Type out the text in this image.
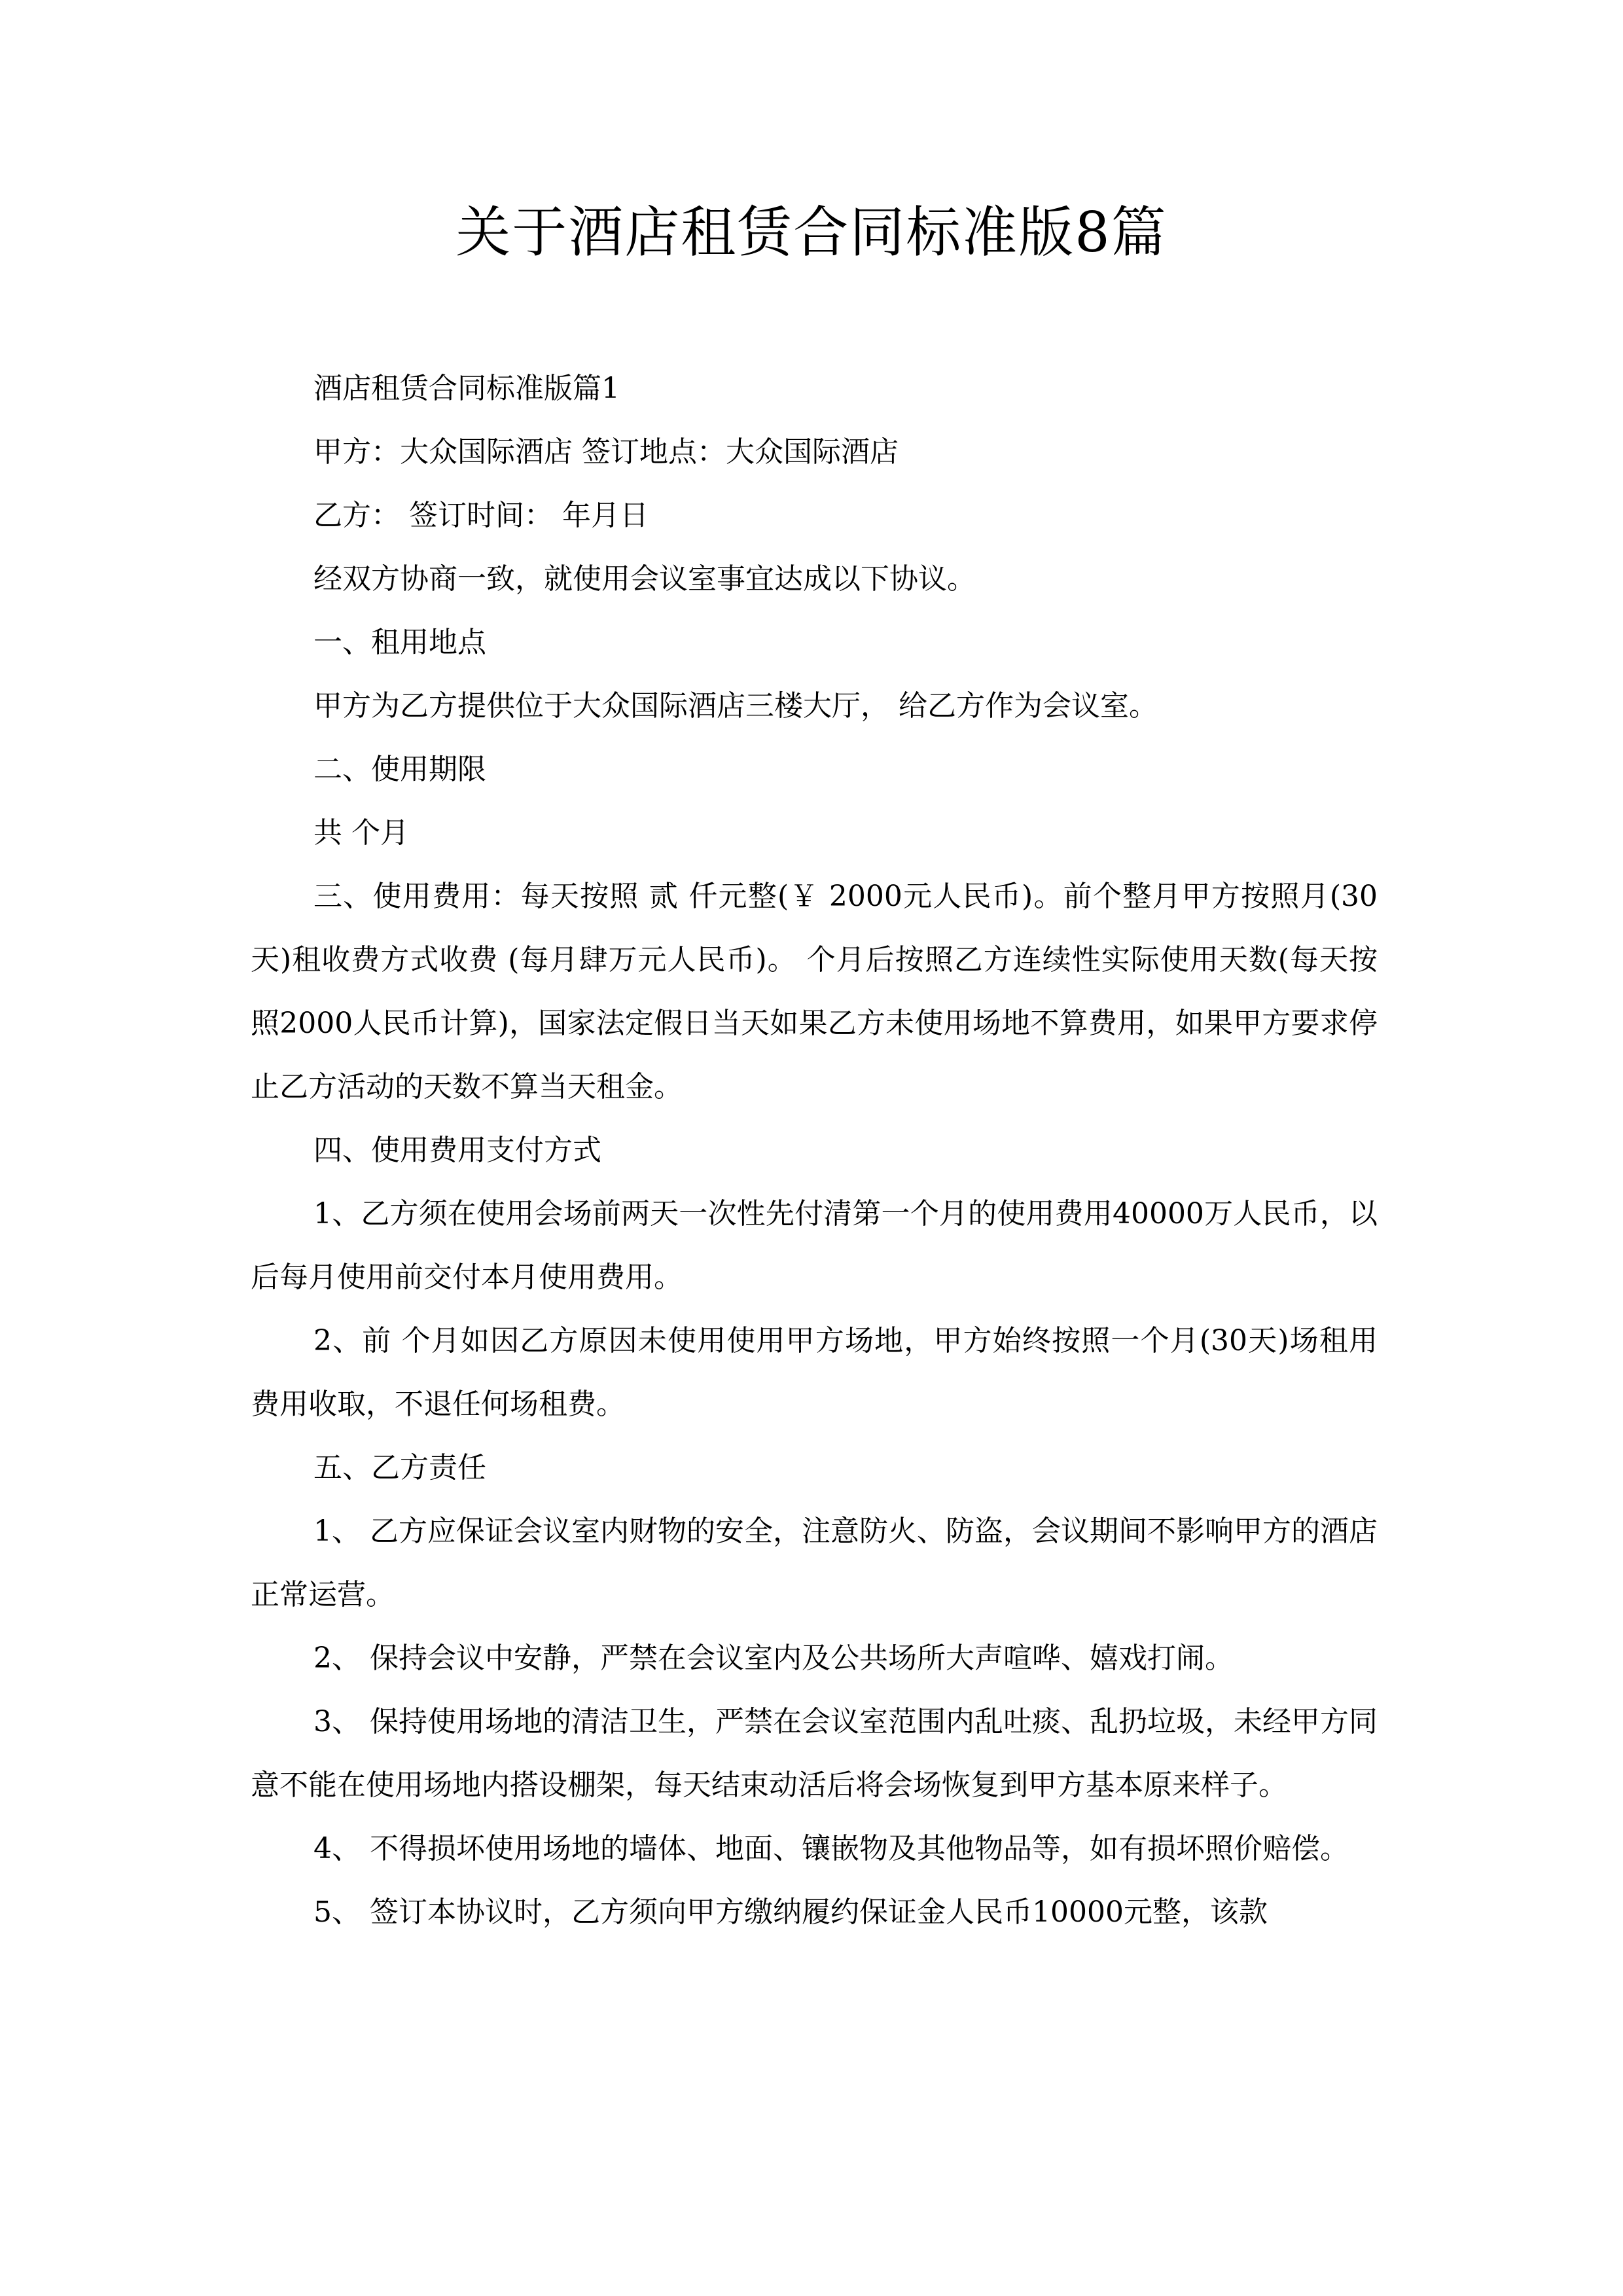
关于酒店租赁合同标准版8篇

酒店租赁合同标准版篇1

甲方：大众国际酒店 签订地点：大众国际酒店

乙方： 签订时间： 年月日

经双方协商一致，就使用会议室事宜达成以下协议。

一、租用地点

甲方为乙方提供位于大众国际酒店三楼大厅， 给乙方作为会议室。

二、使用期限

共 个月

三、使用费用：每天按照 贰 仟元整(￥ 2000元人民币)。前个整月甲方按照月(30天)租收费方式收费 (每月肆万元人民币)。 个月后按照乙方连续性实际使用天数(每天按照2000人民币计算)，国家法定假日当天如果乙方未使用场地不算费用，如果甲方要求停止乙方活动的天数不算当天租金。

四、使用费用支付方式

1、乙方须在使用会场前两天一次性先付清第一个月的使用费用40000万人民币，以后每月使用前交付本月使用费用。

2、前 个月如因乙方原因未使用使用甲方场地，甲方始终按照一个月(30天)场租用费用收取，不退任何场租费。

五、乙方责任

1、 乙方应保证会议室内财物的安全，注意防火、防盗，会议期间不影响甲方的酒店正常运营。

2、 保持会议中安静，严禁在会议室内及公共场所大声喧哗、嬉戏打闹。

3、 保持使用场地的清洁卫生，严禁在会议室范围内乱吐痰、乱扔垃圾，未经甲方同意不能在使用场地内搭设棚架，每天结束动活后将会场恢复到甲方基本原来样子。

4、 不得损坏使用场地的墙体、地面、镶嵌物及其他物品等，如有损坏照价赔偿。

5、 签订本协议时，乙方须向甲方缴纳履约保证金人民币10000元整，该款
